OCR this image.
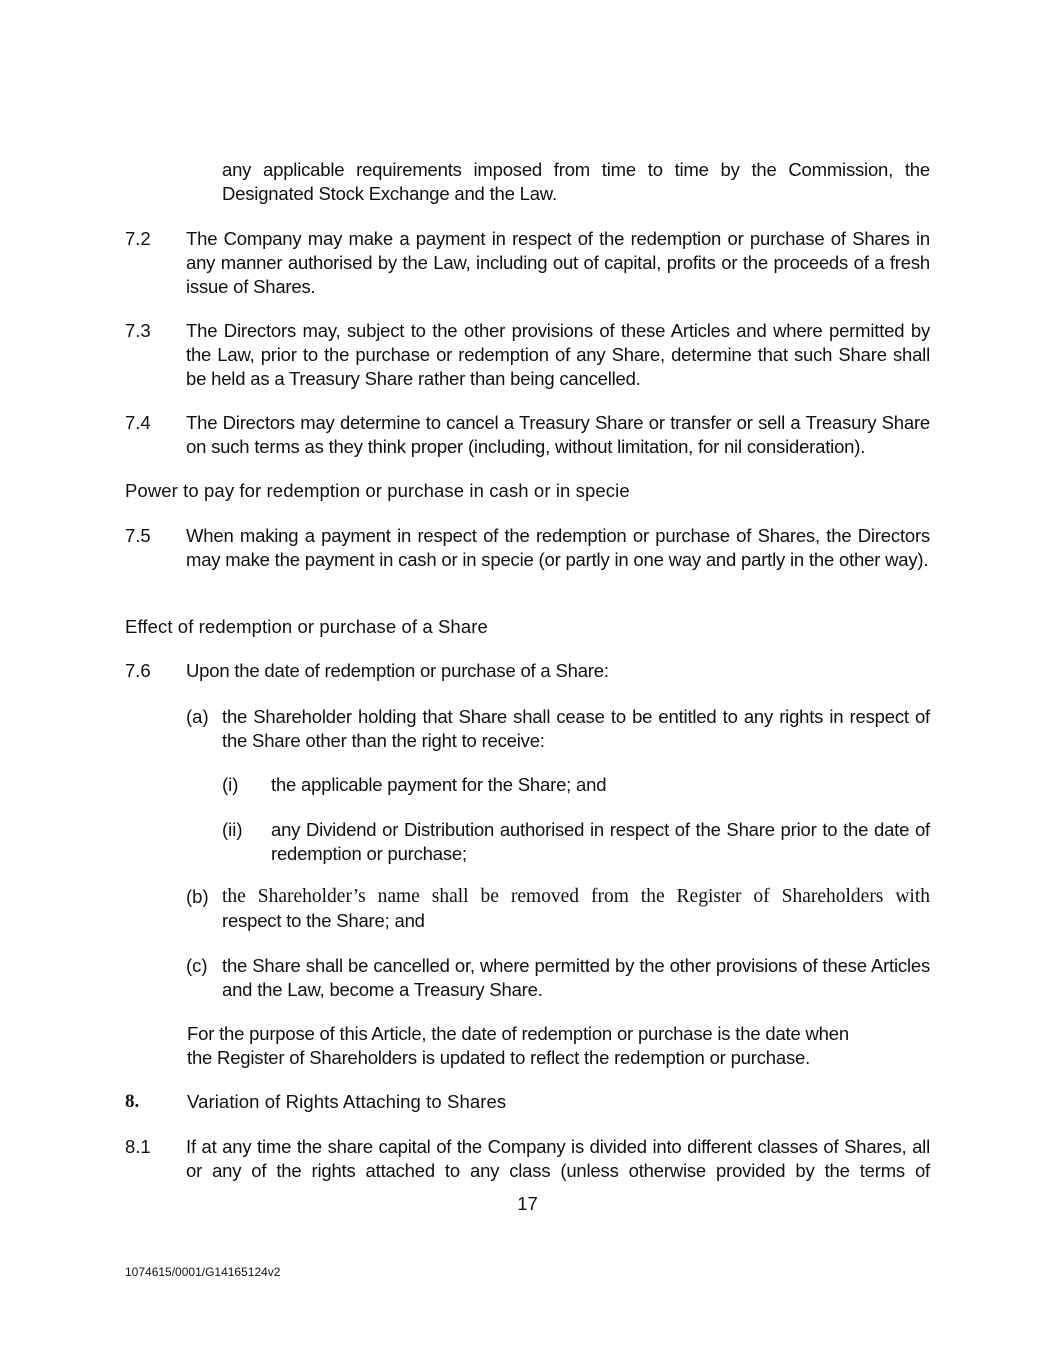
any applicable requirements imposed from time to time by the Commission, the Designated Stock Exchange and the Law.

7.2 The Company may make a payment in respect of the redemption or purchase of Shares in any manner authorised by the Law, including out of capital, profits or the proceeds of a fresh issue of Shares.

7.3 The Directors may, subject to the other provisions of these Articles and where permitted by the Law, prior to the purchase or redemption of any Share, determine that such Share shall be held as a Treasury Share rather than being cancelled.

7.4 The Directors may determine to cancel a Treasury Share or transfer or sell a Treasury Share on such terms as they think proper (including, without limitation, for nil consideration).

Power to pay for redemption or purchase in cash or in specie

7.5 When making a payment in respect of the redemption or purchase of Shares, the Directors may make the payment in cash or in specie (or partly in one way and partly in the other way).

Effect of redemption or purchase of a Share

7.6 Upon the date of redemption or purchase of a Share:

(a) the Shareholder holding that Share shall cease to be entitled to any rights in respect of the Share other than the right to receive:

(i) the applicable payment for the Share; and

(ii) any Dividend or Distribution authorised in respect of the Share prior to the date of redemption or purchase;

(b) the Shareholder’s name shall be removed from the Register of Shareholders with

respect to the Share; and

(c) the Share shall be cancelled or, where permitted by the other provisions of these Articles and the Law, become a Treasury Share.

For the purpose of this Article, the date of redemption or purchase is the date when

the Register of Shareholders is updated to reflect the redemption or purchase.

8.	Variation of Rights Attaching to Shares

8.1 If at any time the share capital of the Company is divided into different classes of Shares, all or any of the rights attached to any class (unless otherwise provided by the terms of

17
1074615/0001/G14165124v2
